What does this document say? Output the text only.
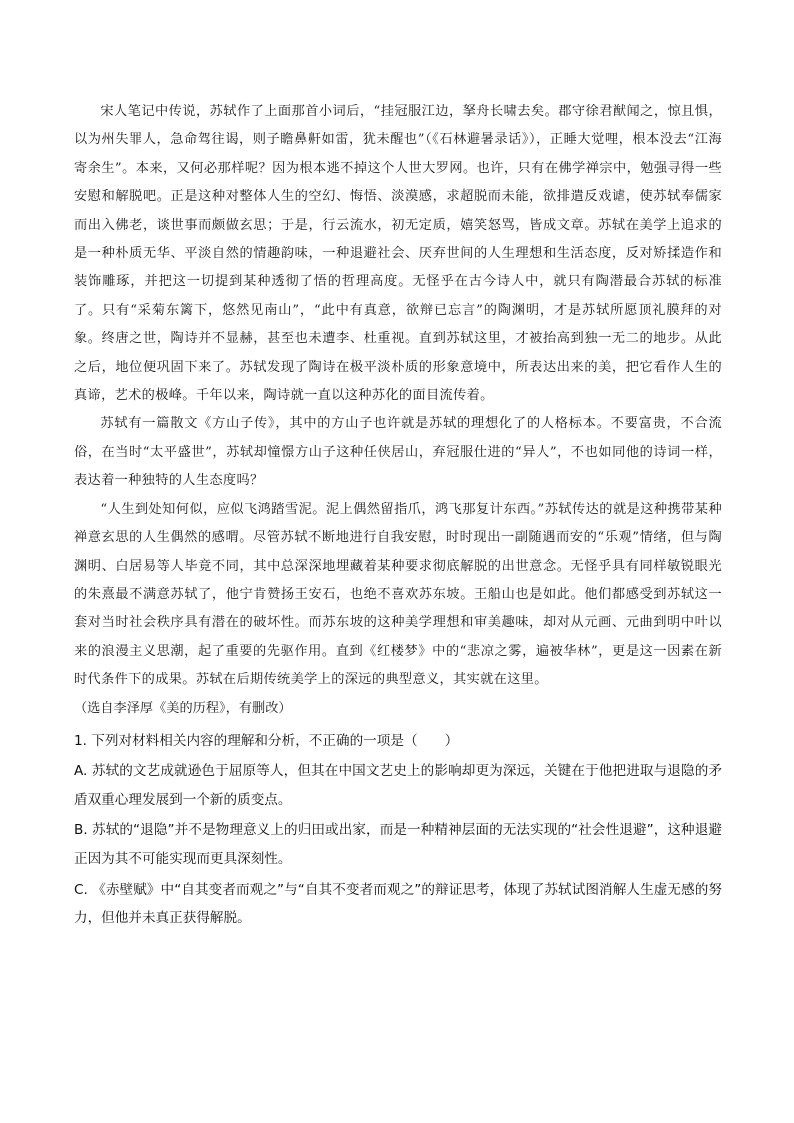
宋人笔记中传说，苏轼作了上面那首小词后，“挂冠服江边，拏舟长啸去矣。郡守徐君猷闻之，惊且惧，以为州失罪人，急命驾往谒，则子瞻鼻鼾如雷，犹未醒也”（《石林避暑录话》），正睡大觉哩，根本没去“江海寄余生”。本来，又何必那样呢？因为根本逃不掉这个人世大罗网。也许，只有在佛学禅宗中，勉强寻得一些安慰和解脱吧。正是这种对整体人生的空幻、悔悟、淡漠感，求超脱而未能，欲排遣反戏谑，使苏轼奉儒家而出入佛老，谈世事而颇做玄思；于是，行云流水，初无定质，嬉笑怒骂，皆成文章。苏轼在美学上追求的是一种朴质无华、平淡自然的情趣韵味，一种退避社会、厌弃世间的人生理想和生活态度，反对矫揉造作和装饰雕琢，并把这一切提到某种透彻了悟的哲理高度。无怪乎在古今诗人中，就只有陶潜最合苏轼的标准了。只有“采菊东篱下，悠然见南山”，“此中有真意，欲辩已忘言”的陶渊明，才是苏轼所愿顶礼膜拜的对象。终唐之世，陶诗并不显赫，甚至也未遭李、杜重视。直到苏轼这里，才被抬高到独一无二的地步。从此之后，地位便巩固下来了。苏轼发现了陶诗在极平淡朴质的形象意境中，所表达出来的美，把它看作人生的真谛，艺术的极峰。千年以来，陶诗就一直以这种苏化的面目流传着。

苏轼有一篇散文《方山子传》，其中的方山子也许就是苏轼的理想化了的人格标本。不要富贵，不合流俗，在当时“太平盛世”，苏轼却憧憬方山子这种任侠居山，弃冠服仕进的“异人”，不也如同他的诗词一样，表达着一种独特的人生态度吗？

“人生到处知何似，应似飞鸿踏雪泥。泥上偶然留指爪，鸿飞那复计东西。”苏轼传达的就是这种携带某种禅意玄思的人生偶然的感喟。尽管苏轼不断地进行自我安慰，时时现出一副随遇而安的“乐观”情绪，但与陶渊明、白居易等人毕竟不同，其中总深深地埋藏着某种要求彻底解脱的出世意念。无怪乎具有同样敏锐眼光的朱熹最不满意苏轼了，他宁肯赞扬王安石，也绝不喜欢苏东坡。王船山也是如此。他们都感受到苏轼这一套对当时社会秩序具有潜在的破坏性。而苏东坡的这种美学理想和审美趣味，却对从元画、元曲到明中叶以来的浪漫主义思潮，起了重要的先驱作用。直到《红楼梦》中的“悲凉之雾，遍被华林”，更是这一因素在新时代条件下的成果。苏轼在后期传统美学上的深远的典型意义，其实就在这里。

（选自李泽厚《美的历程》，有删改）

1. 下列对材料相关内容的理解和分析，不正确的一项是（　　）

A. 苏轼的文艺成就逊色于屈原等人，但其在中国文艺史上的影响却更为深远，关键在于他把进取与退隐的矛盾双重心理发展到一个新的质变点。

B. 苏轼的“退隐”并不是物理意义上的归田或出家，而是一种精神层面的无法实现的“社会性退避”，这种退避正因为其不可能实现而更具深刻性。

C. 《赤壁赋》中“自其变者而观之”与“自其不变者而观之”的辩证思考，体现了苏轼试图消解人生虚无感的努力，但他并未真正获得解脱。
